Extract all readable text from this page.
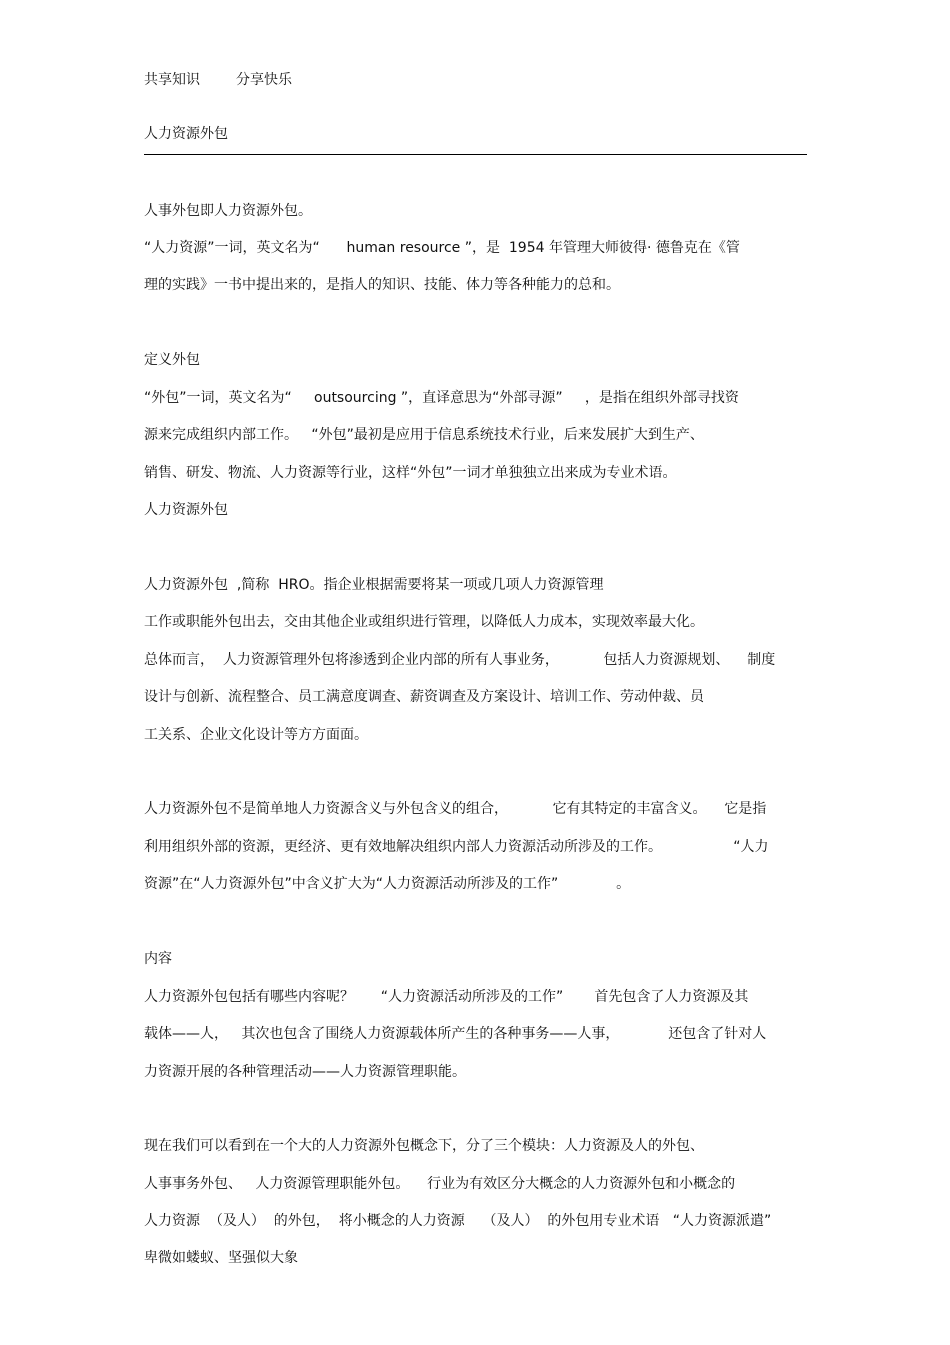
共享知识	分享快乐
人力资源外包
人事外包即人力资源外包。
“人力资源”一词，英文名为“      human resource ”，是  1954 年管理大师彼得· 德鲁克在《管
理的实践》一书中提出来的，是指人的知识、技能、体力等各种能力的总和。
定义外包
“外包”一词，英文名为“     outsourcing ”，直译意思为“外部寻源”     ，是指在组织外部寻找资
源来完成组织内部工作。   “外包”最初是应用于信息系统技术行业，后来发展扩大到生产、
销售、研发、物流、人力资源等行业，这样“外包”一词才单独独立出来成为专业术语。
人力资源外包
人力资源外包  ,简称  HRO。指企业根据需要将某一项或几项人力资源管理
工作或职能外包出去，交由其他企业或组织进行管理，以降低人力成本，实现效率最大化。
总体而言，  人力资源管理外包将渗透到企业内部的所有人事业务，          包括人力资源规划、    制度
设计与创新、流程整合、员工满意度调查、薪资调查及方案设计、培训工作、劳动仲裁、员
工关系、企业文化设计等方方面面。
人力资源外包不是简单地人力资源含义与外包含义的组合，          它有其特定的丰富含义。    它是指
利用组织外部的资源，更经济、更有效地解决组织内部人力资源活动所涉及的工作。                “人力
资源”在“人力资源外包”中含义扩大为“人力资源活动所涉及的工作”             。
内容
人力资源外包包括有哪些内容呢？      “人力资源活动所涉及的工作”       首先包含了人力资源及其
载体——人，   其次也包含了围绕人力资源载体所产生的各种事务——人事，           还包含了针对人
力资源开展的各种管理活动——人力资源管理职能。
现在我们可以看到在一个大的人力资源外包概念下，分了三个模块：人力资源及人的外包、
人事事务外包、   人力资源管理职能外包。    行业为有效区分大概念的人力资源外包和小概念的
人力资源  （及人）  的外包，  将小概念的人力资源    （及人）  的外包用专业术语   “人力资源派遣”
卑微如蝼蚁、坚强似大象
